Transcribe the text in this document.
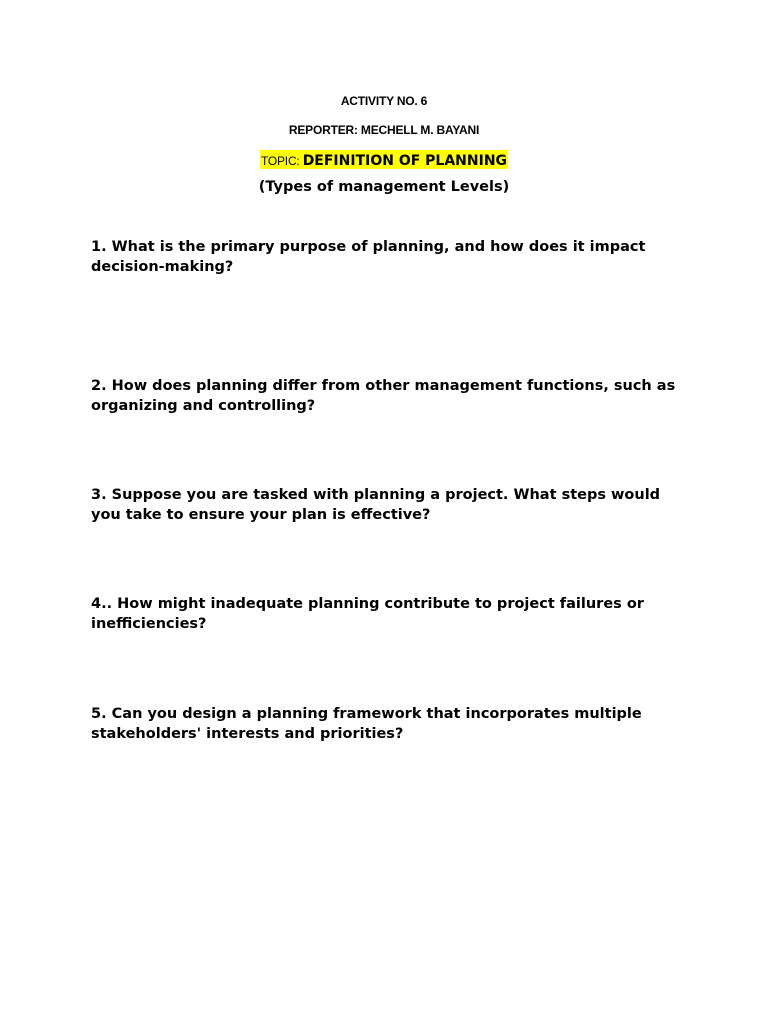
ACTIVITY NO. 6
REPORTER: MECHELL M. BAYANI
TOPIC: DEFINITION OF PLANNING
(Types of management Levels)
1. What is the primary purpose of planning, and how does it impact decision-making?
2. How does planning differ from other management functions, such as organizing and controlling?
3. Suppose you are tasked with planning a project. What steps would you take to ensure your plan is effective?
4.. How might inadequate planning contribute to project failures or inefficiencies?
5. Can you design a planning framework that incorporates multiple stakeholders' interests and priorities?
